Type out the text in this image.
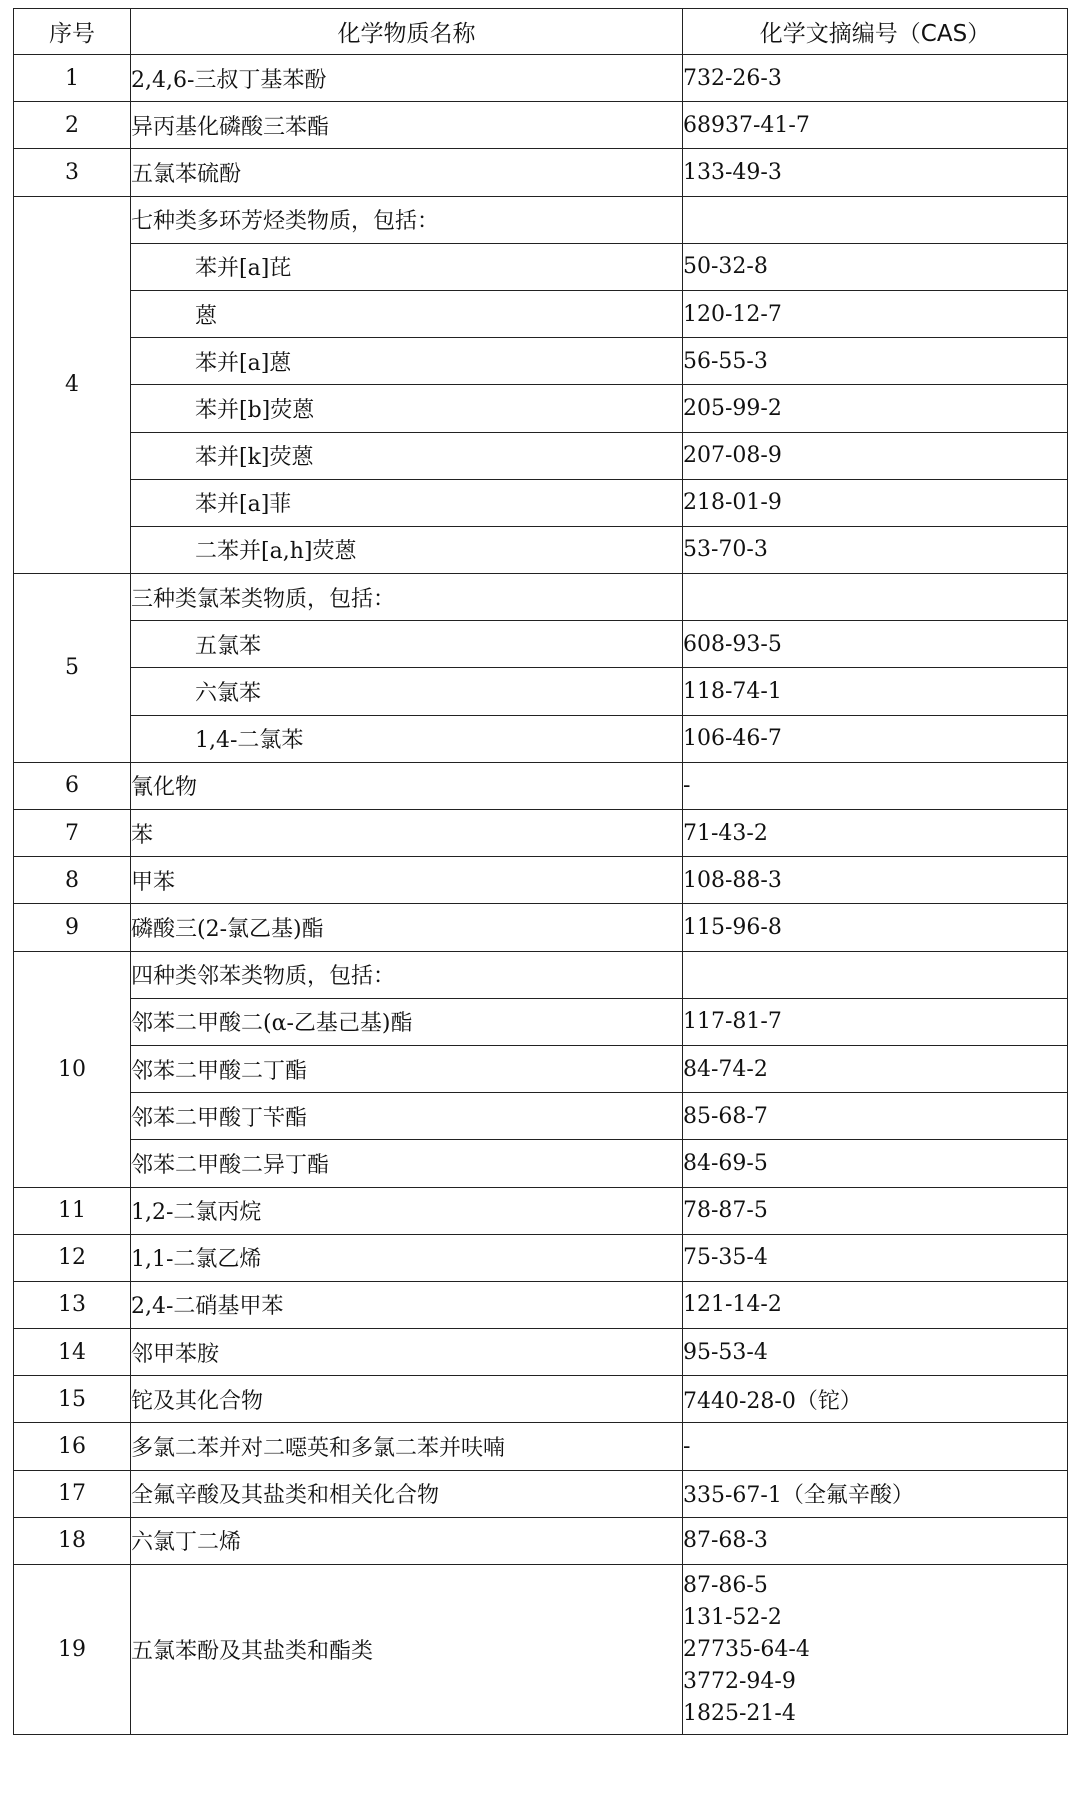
序号	化学物质名称	化学文摘编号（CAS）
1	2,4,6-三叔丁基苯酚	732-26-3
2	异丙基化磷酸三苯酯	68937-41-7
3	五氯苯硫酚	133-49-3
4	七种类多环芳烃类物质，包括：	
	苯并[a]芘	50-32-8
	蒽	120-12-7
	苯并[a]蒽	56-55-3
	苯并[b]荧蒽	205-99-2
	苯并[k]荧蒽	207-08-9
	苯并[a]菲	218-01-9
	二苯并[a,h]荧蒽	53-70-3
5	三种类氯苯类物质，包括：	
	五氯苯	608-93-5
	六氯苯	118-74-1
	1,4-二氯苯	106-46-7
6	氰化物	-
7	苯	71-43-2
8	甲苯	108-88-3
9	磷酸三(2-氯乙基)酯	115-96-8
10	四种类邻苯类物质，包括：	
	邻苯二甲酸二(α-乙基己基)酯	117-81-7
	邻苯二甲酸二丁酯	84-74-2
	邻苯二甲酸丁苄酯	85-68-7
	邻苯二甲酸二异丁酯	84-69-5
11	1,2-二氯丙烷	78-87-5
12	1,1-二氯乙烯	75-35-4
13	2,4-二硝基甲苯	121-14-2
14	邻甲苯胺	95-53-4
15	铊及其化合物	7440-28-0（铊）
16	多氯二苯并对二噁英和多氯二苯并呋喃	-
17	全氟辛酸及其盐类和相关化合物	335-67-1（全氟辛酸）
18	六氯丁二烯	87-68-3
19	五氯苯酚及其盐类和酯类	87-86-5
131-52-2
27735-64-4
3772-94-9
1825-21-4
